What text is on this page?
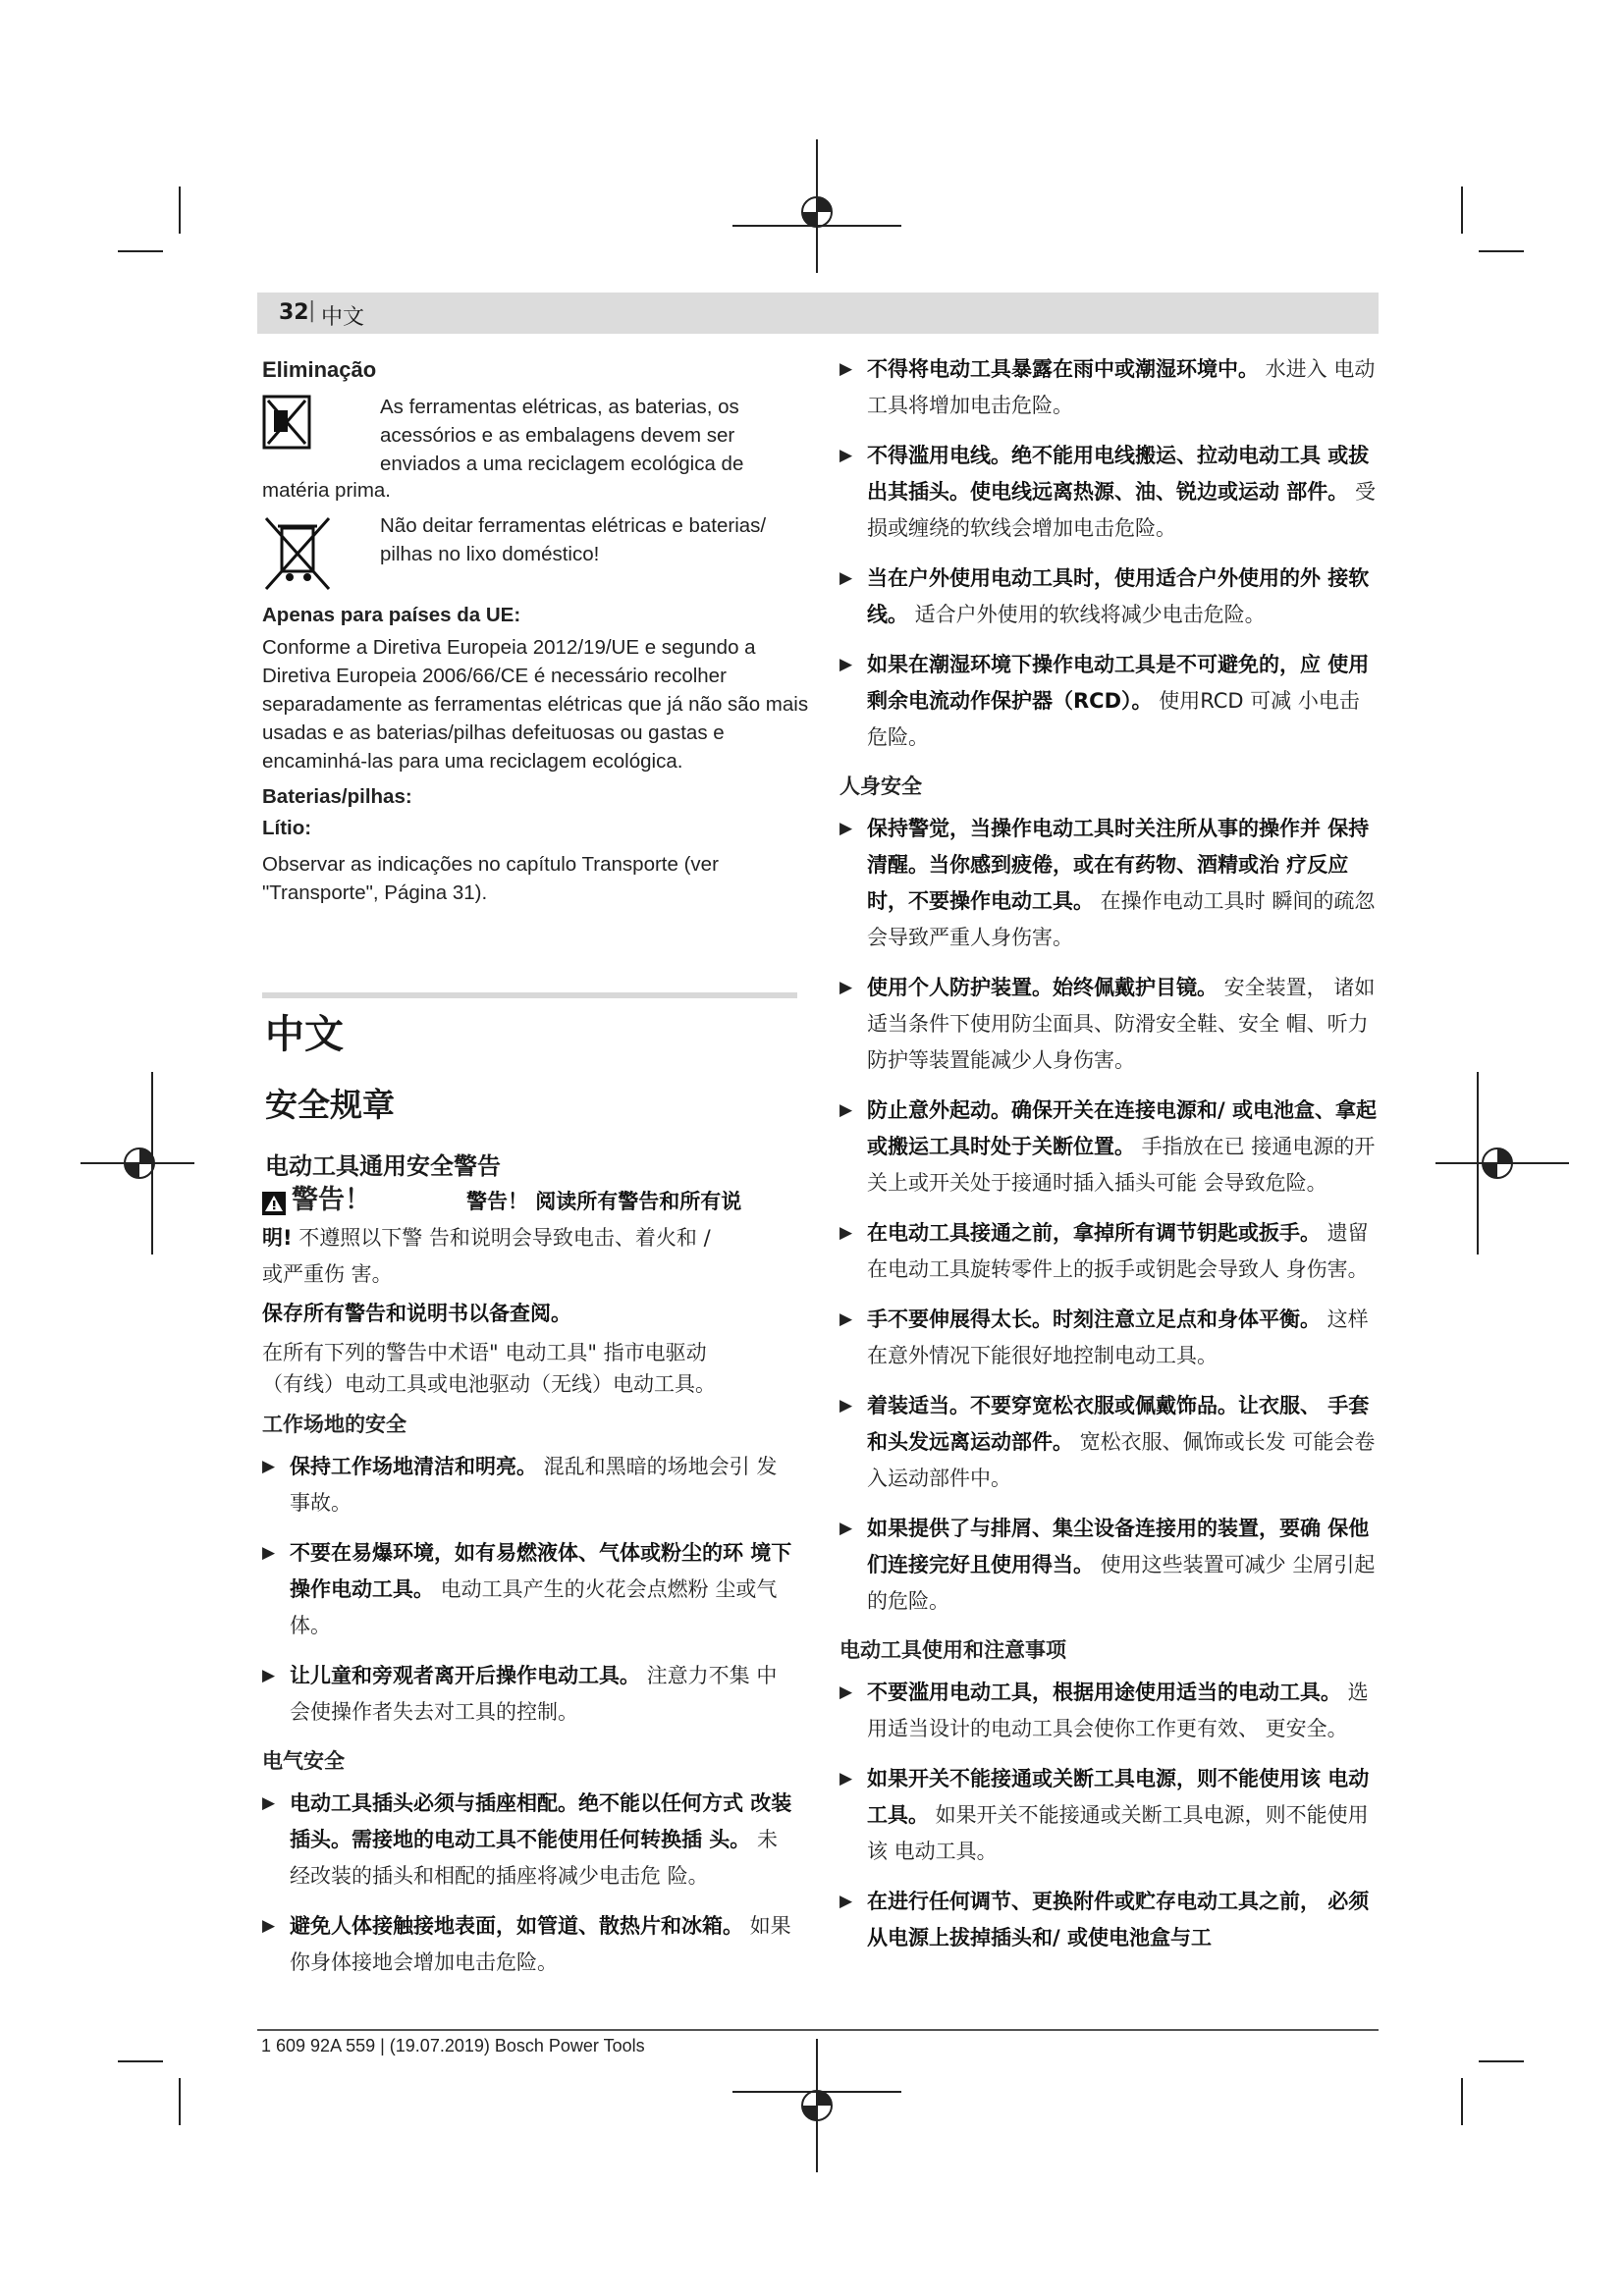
32 | 中文
Eliminação
As ferramentas elétricas, as baterias, os
acessórios e as embalagens devem ser
enviados a uma reciclagem ecológica de
matéria prima.
Não deitar ferramentas elétricas e baterias/
pilhas no lixo doméstico!
Apenas para países da UE:
Conforme a Diretiva Europeia 2012/19/UE e segundo a
Diretiva Europeia 2006/66/CE é necessário recolher
separadamente as ferramentas elétricas que já não são mais
usadas e as baterias/pilhas defeituosas ou gastas e
encaminhá-las para uma reciclagem ecológica.
Baterias/pilhas:
Lítio:
Observar as indicações no capítulo Transporte (ver
"Transporte", Página 31).
中文
安全规章
电动工具通用安全警告
警告！	警告！ 阅读所有警告和所有说
明! 不遵照以下警 告和说明会导致电击、着火和 /
或严重伤 害。
保存所有警告和说明书以备查阅。
在所有下列的警告中术语" 电动工具" 指市电驱动
（有线）电动工具或电池驱动（无线）电动工具。
工作场地的安全
▶ 保持工作场地清洁和明亮。 混乱和黑暗的场地会引 发事故。
▶ 不要在易爆环境，如有易燃液体、气体或粉尘的环 境下操作电动工具。 电动工具产生的火花会点燃粉 尘或气体。
▶ 让儿童和旁观者离开后操作电动工具。 注意力不集 中会使操作者失去对工具的控制。
电气安全
▶ 电动工具插头必须与插座相配。绝不能以任何方式 改装插头。需接地的电动工具不能使用任何转换插 头。 未经改装的插头和相配的插座将减少电击危 险。
▶ 避免人体接触接地表面，如管道、散热片和冰箱。 如果你身体接地会增加电击危险。
▶ 不得将电动工具暴露在雨中或潮湿环境中。 水进入 电动工具将增加电击危险。
▶ 不得滥用电线。绝不能用电线搬运、拉动电动工具 或拔出其插头。使电线远离热源、油、锐边或运动 部件。 受损或缠绕的软线会增加电击危险。
▶ 当在户外使用电动工具时，使用适合户外使用的外 接软线。 适合户外使用的软线将减少电击危险。
▶ 如果在潮湿环境下操作电动工具是不可避免的，应 使用剩余电流动作保护器（RCD）。 使用RCD 可减 小电击危险。
人身安全
▶ 保持警觉，当操作电动工具时关注所从事的操作并 保持清醒。当你感到疲倦，或在有药物、酒精或治 疗反应时，不要操作电动工具。 在操作电动工具时 瞬间的疏忽会导致严重人身伤害。
▶ 使用个人防护装置。始终佩戴护目镜。 安全装置， 诸如适当条件下使用防尘面具、防滑安全鞋、安全 帽、听力防护等装置能减少人身伤害。
▶ 防止意外起动。确保开关在连接电源和/ 或电池盒、拿起或搬运工具时处于关断位置。 手指放在已 接通电源的开关上或开关处于接通时插入插头可能 会导致危险。
▶ 在电动工具接通之前，拿掉所有调节钥匙或扳手。 遗留在电动工具旋转零件上的扳手或钥匙会导致人 身伤害。
▶ 手不要伸展得太长。时刻注意立足点和身体平衡。 这样在意外情况下能很好地控制电动工具。
▶ 着装适当。不要穿宽松衣服或佩戴饰品。让衣服、 手套和头发远离运动部件。 宽松衣服、佩饰或长发 可能会卷入运动部件中。
▶ 如果提供了与排屑、集尘设备连接用的装置，要确 保他们连接完好且使用得当。 使用这些装置可减少 尘屑引起的危险。
电动工具使用和注意事项
▶ 不要滥用电动工具，根据用途使用适当的电动工具。 选用适当设计的电动工具会使你工作更有效、 更安全。
▶ 如果开关不能接通或关断工具电源，则不能使用该 电动工具。 如果开关不能接通或关断工具电源，则不能使用该 电动工具。
▶ 在进行任何调节、更换附件或贮存电动工具之前， 必须从电源上拔掉插头和/ 或使电池盒与工
1 609 92A 559 | (19.07.2019) Bosch Power Tools
